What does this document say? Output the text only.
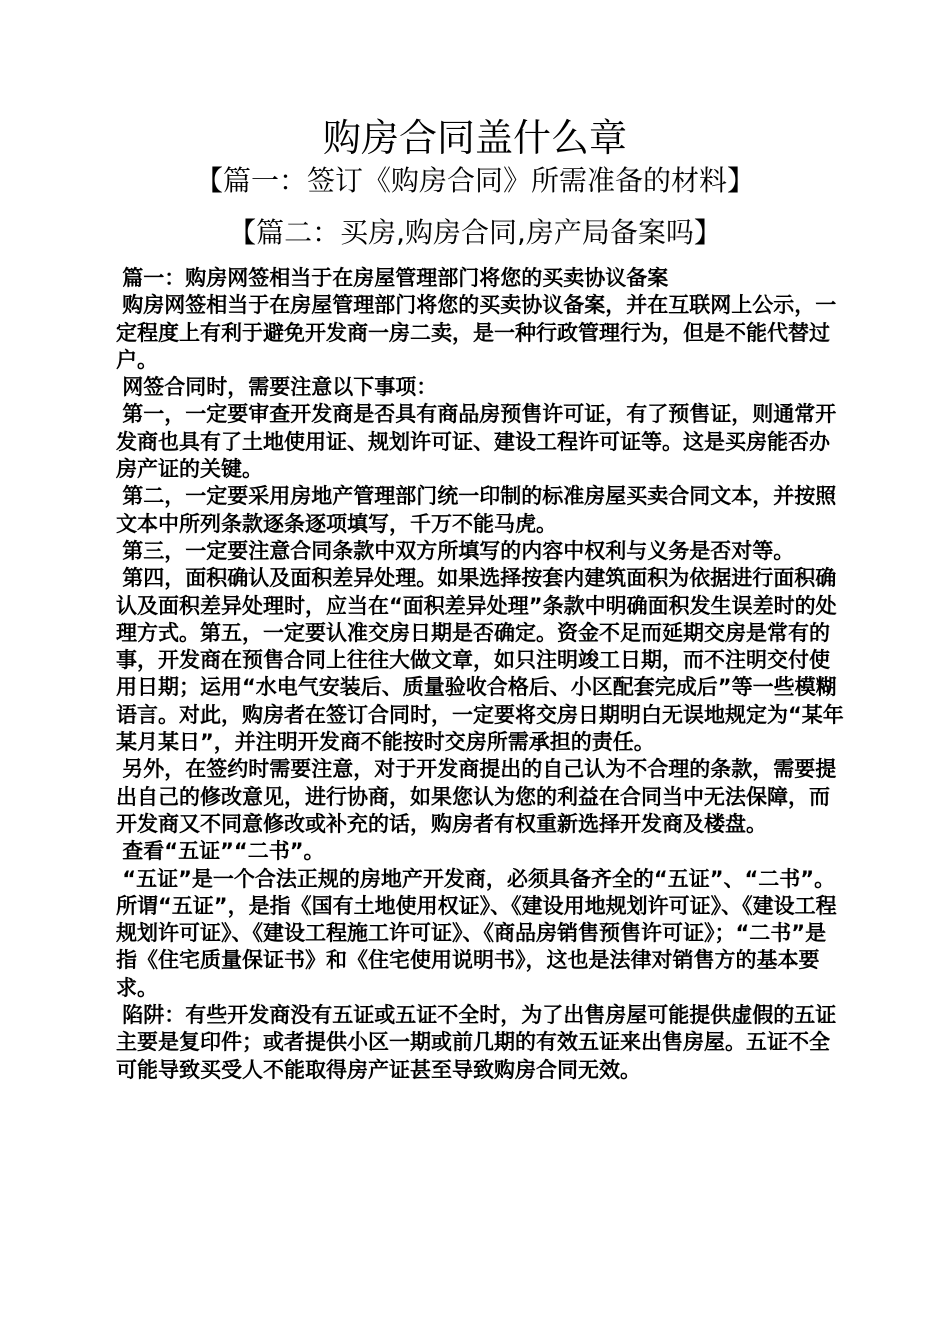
购房合同盖什么章
【篇一：签订《购房合同》所需准备的材料】
【篇二：买房,购房合同,房产局备案吗】

篇一：购房网签相当于在房屋管理部门将您的买卖协议备案

购房网签相当于在房屋管理部门将您的买卖协议备案，并在互联网上公示，一定程度上有利于避免开发商一房二卖，是一种行政管理行为，但是不能代替过户。

网签合同时，需要注意以下事项：

第一，一定要审查开发商是否具有商品房预售许可证，有了预售证，则通常开发商也具有了土地使用证、规划许可证、建设工程许可证等。这是买房能否办房产证的关键。

第二，一定要采用房地产管理部门统一印制的标准房屋买卖合同文本，并按照文本中所列条款逐条逐项填写，千万不能马虎。

第三，一定要注意合同条款中双方所填写的内容中权利与义务是否对等。

第四，面积确认及面积差异处理。如果选择按套内建筑面积为依据进行面积确认及面积差异处理时，应当在“面积差异处理”条款中明确面积发生误差时的处理方式。第五，一定要认准交房日期是否确定。资金不足而延期交房是常有的事，开发商在预售合同上往往大做文章，如只注明竣工日期，而不注明交付使用日期；运用“水电气安装后、质量验收合格后、小区配套完成后”等一些模糊语言。对此，购房者在签订合同时，一定要将交房日期明白无误地规定为“某年某月某日”，并注明开发商不能按时交房所需承担的责任。

另外，在签约时需要注意，对于开发商提出的自己认为不合理的条款，需要提出自己的修改意见，进行协商，如果您认为您的利益在合同当中无法保障，而开发商又不同意修改或补充的话，购房者有权重新选择开发商及楼盘。

查看“五证”“二书”。

“五证”是一个合法正规的房地产开发商，必须具备齐全的“五证”、“二书”。所谓“五证”，是指《国有土地使用权证》、《建设用地规划许可证》、《建设工程规划许可证》、《建设工程施工许可证》、《商品房销售预售许可证》；“二书”是指《住宅质量保证书》和《住宅使用说明书》，这也是法律对销售方的基本要求。

陷阱：有些开发商没有五证或五证不全时，为了出售房屋可能提供虚假的五证主要是复印件；或者提供小区一期或前几期的有效五证来出售房屋。五证不全可能导致买受人不能取得房产证甚至导致购房合同无效。
